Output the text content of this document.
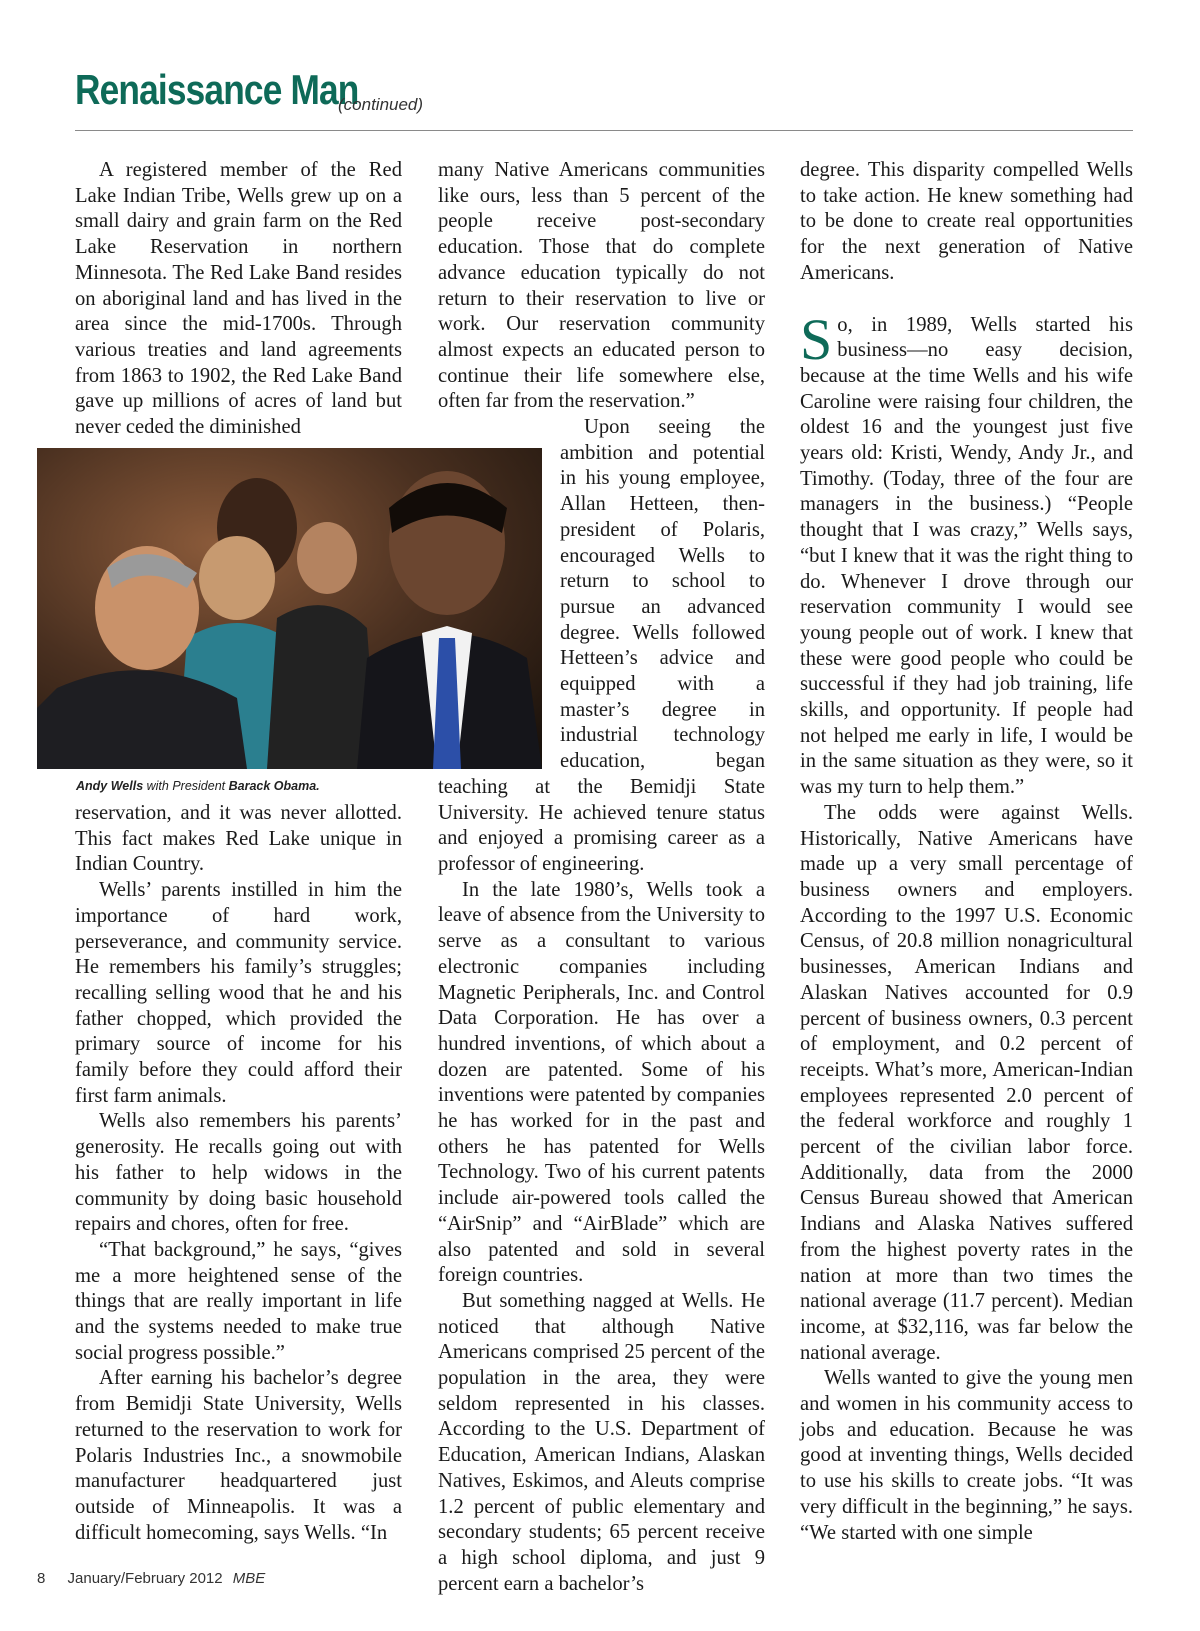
Renaissance Man
(continued)

A registered member of the Red Lake Indian Tribe, Wells grew up on a small dairy and grain farm on the Red Lake Reservation in northern Minnesota. The Red Lake Band resides on aboriginal land and has lived in the area since the mid-1700s. Through various treaties and land agreements from 1863 to 1902, the Red Lake Band gave up millions of acres of land but never ceded the diminished

Andy Wells with President Barack Obama.

reservation, and it was never allotted. This fact makes Red Lake unique in Indian Country.

Wells’ parents instilled in him the importance of hard work, perseverance, and community service. He remembers his family’s struggles; recalling selling wood that he and his father chopped, which provided the primary source of income for his family before they could afford their first farm animals.

Wells also remembers his parents’ generosity. He recalls going out with his father to help widows in the community by doing basic household repairs and chores, often for free.

“That background,” he says, “gives me a more heightened sense of the things that are really important in life and the systems needed to make true social progress possible.”

After earning his bachelor’s degree from Bemidji State University, Wells returned to the reservation to work for Polaris Industries Inc., a snowmobile manufacturer headquartered just outside of Minneapolis. It was a difficult homecoming, says Wells. “In

many Native Americans communities like ours, less than 5 percent of the people receive post-secondary education. Those that do complete advance education typically do not return to their reservation to live or work. Our reservation community almost expects an educated person to continue their life somewhere else, often far from the reservation.”

Upon seeing the ambition and potential in his young employee, Allan Hetteen, then-president of Polaris, encouraged Wells to return to school to pursue an advanced degree. Wells followed Hetteen’s advice and equipped with a master’s degree in industrial technology education, began teaching at the Bemidji State University. He achieved tenure status and enjoyed a promising career as a professor of engineering.

In the late 1980’s, Wells took a leave of absence from the University to serve as a consultant to various electronic companies including Magnetic Peripherals, Inc. and Control Data Corporation. He has over a hundred inventions, of which about a dozen are patented. Some of his inventions were patented by companies he has worked for in the past and others he has patented for Wells Technology. Two of his current patents include air-powered tools called the “AirSnip” and “AirBlade” which are also patented and sold in several foreign countries.

But something nagged at Wells. He noticed that although Native Americans comprised 25 percent of the population in the area, they were seldom represented in his classes. According to the U.S. Department of Education, American Indians, Alaskan Natives, Eskimos, and Aleuts comprise 1.2 percent of public elementary and secondary students; 65 percent receive a high school diploma, and just 9 percent earn a bachelor’s

degree. This disparity compelled Wells to take action. He knew something had to be done to create real opportunities for the next generation of Native Americans.

So, in 1989, Wells started his business—no easy decision, because at the time Wells and his wife Caroline were raising four children, the oldest 16 and the youngest just five years old: Kristi, Wendy, Andy Jr., and Timothy. (Today, three of the four are managers in the business.) “People thought that I was crazy,” Wells says, “but I knew that it was the right thing to do. Whenever I drove through our reservation community I would see young people out of work. I knew that these were good people who could be successful if they had job training, life skills, and opportunity. If people had not helped me early in life, I would be in the same situation as they were, so it was my turn to help them.”

The odds were against Wells. Historically, Native Americans have made up a very small percentage of business owners and employers. According to the 1997 U.S. Economic Census, of 20.8 million nonagricultural businesses, American Indians and Alaskan Natives accounted for 0.9 percent of business owners, 0.3 percent of employment, and 0.2 percent of receipts. What’s more, American-Indian employees represented 2.0 percent of the federal workforce and roughly 1 percent of the civilian labor force. Additionally, data from the 2000 Census Bureau showed that American Indians and Alaska Natives suffered from the highest poverty rates in the nation at more than two times the national average (11.7 percent). Median income, at $32,116, was far below the national average.

Wells wanted to give the young men and women in his community access to jobs and education. Because he was good at inventing things, Wells decided to use his skills to create jobs. “It was very difficult in the beginning,” he says. “We started with one simple

8 January/February 2012 MBE
